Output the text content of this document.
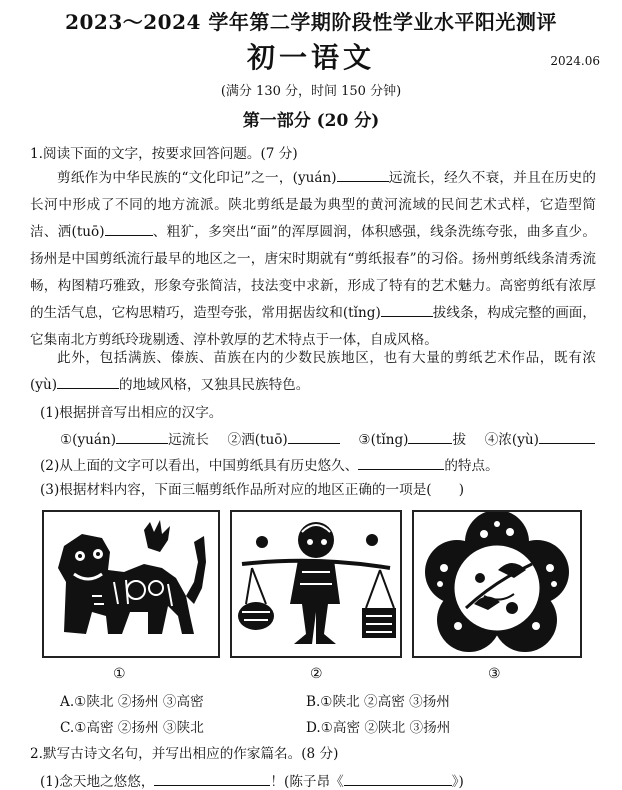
2023～2024 学年第二学期阶段性学业水平阳光测评
初一语文	2024.06
(满分 130 分，时间 150 分钟)
第一部分 (20 分)
1.阅读下面的文字，按要求回答问题。(7 分)
剪纸作为中华民族的“文化印记”之一，(yuán)	远流长，经久不衰，并且在历史的长河中形成了不同的地方流派。陕北剪纸是最为典型的黄河流域的民间艺术式样，它造型简洁、洒(tuō)	、粗犷，多突出“面”的浑厚圆润，体积感强，线条洗练夸张，曲多直少。扬州是中国剪纸流行最早的地区之一，唐宋时期就有“剪纸报春”的习俗。扬州剪纸线条清秀流畅，构图精巧雅致，形象夸张简洁，技法变中求新，形成了特有的艺术魅力。高密剪纸有浓厚的生活气息，它构思精巧，造型夸张，常用据齿纹和(tǐng)	拔线条，构成完整的画面，它集南北方剪纸玲珑剔透、淳朴敦厚的艺术特点于一体，自成风格。
此外，包括满族、傣族、苗族在内的少数民族地区，也有大量的剪纸艺术作品，既有浓(yù)	的地域风格，又独具民族特色。
(1)根据拼音写出相应的汉字。
①(yuán)	远流长 ②洒(tuō)	③(tǐng)	拔 ④浓(yù)
(2)从上面的文字可以看出，中国剪纸具有历史悠久、	的特点。
(3)根据材料内容，下面三幅剪纸作品所对应的地区正确的一项是(　　)
①	②	③
A.①陕北 ②扬州 ③高密	B.①陕北 ②高密 ③扬州
C.①高密 ②扬州 ③陕北	D.①高密 ②陕北 ③扬州
2.默写古诗文名句，并写出相应的作家篇名。(8 分)
(1)念天地之悠悠，	！(陈子昂《	》)
